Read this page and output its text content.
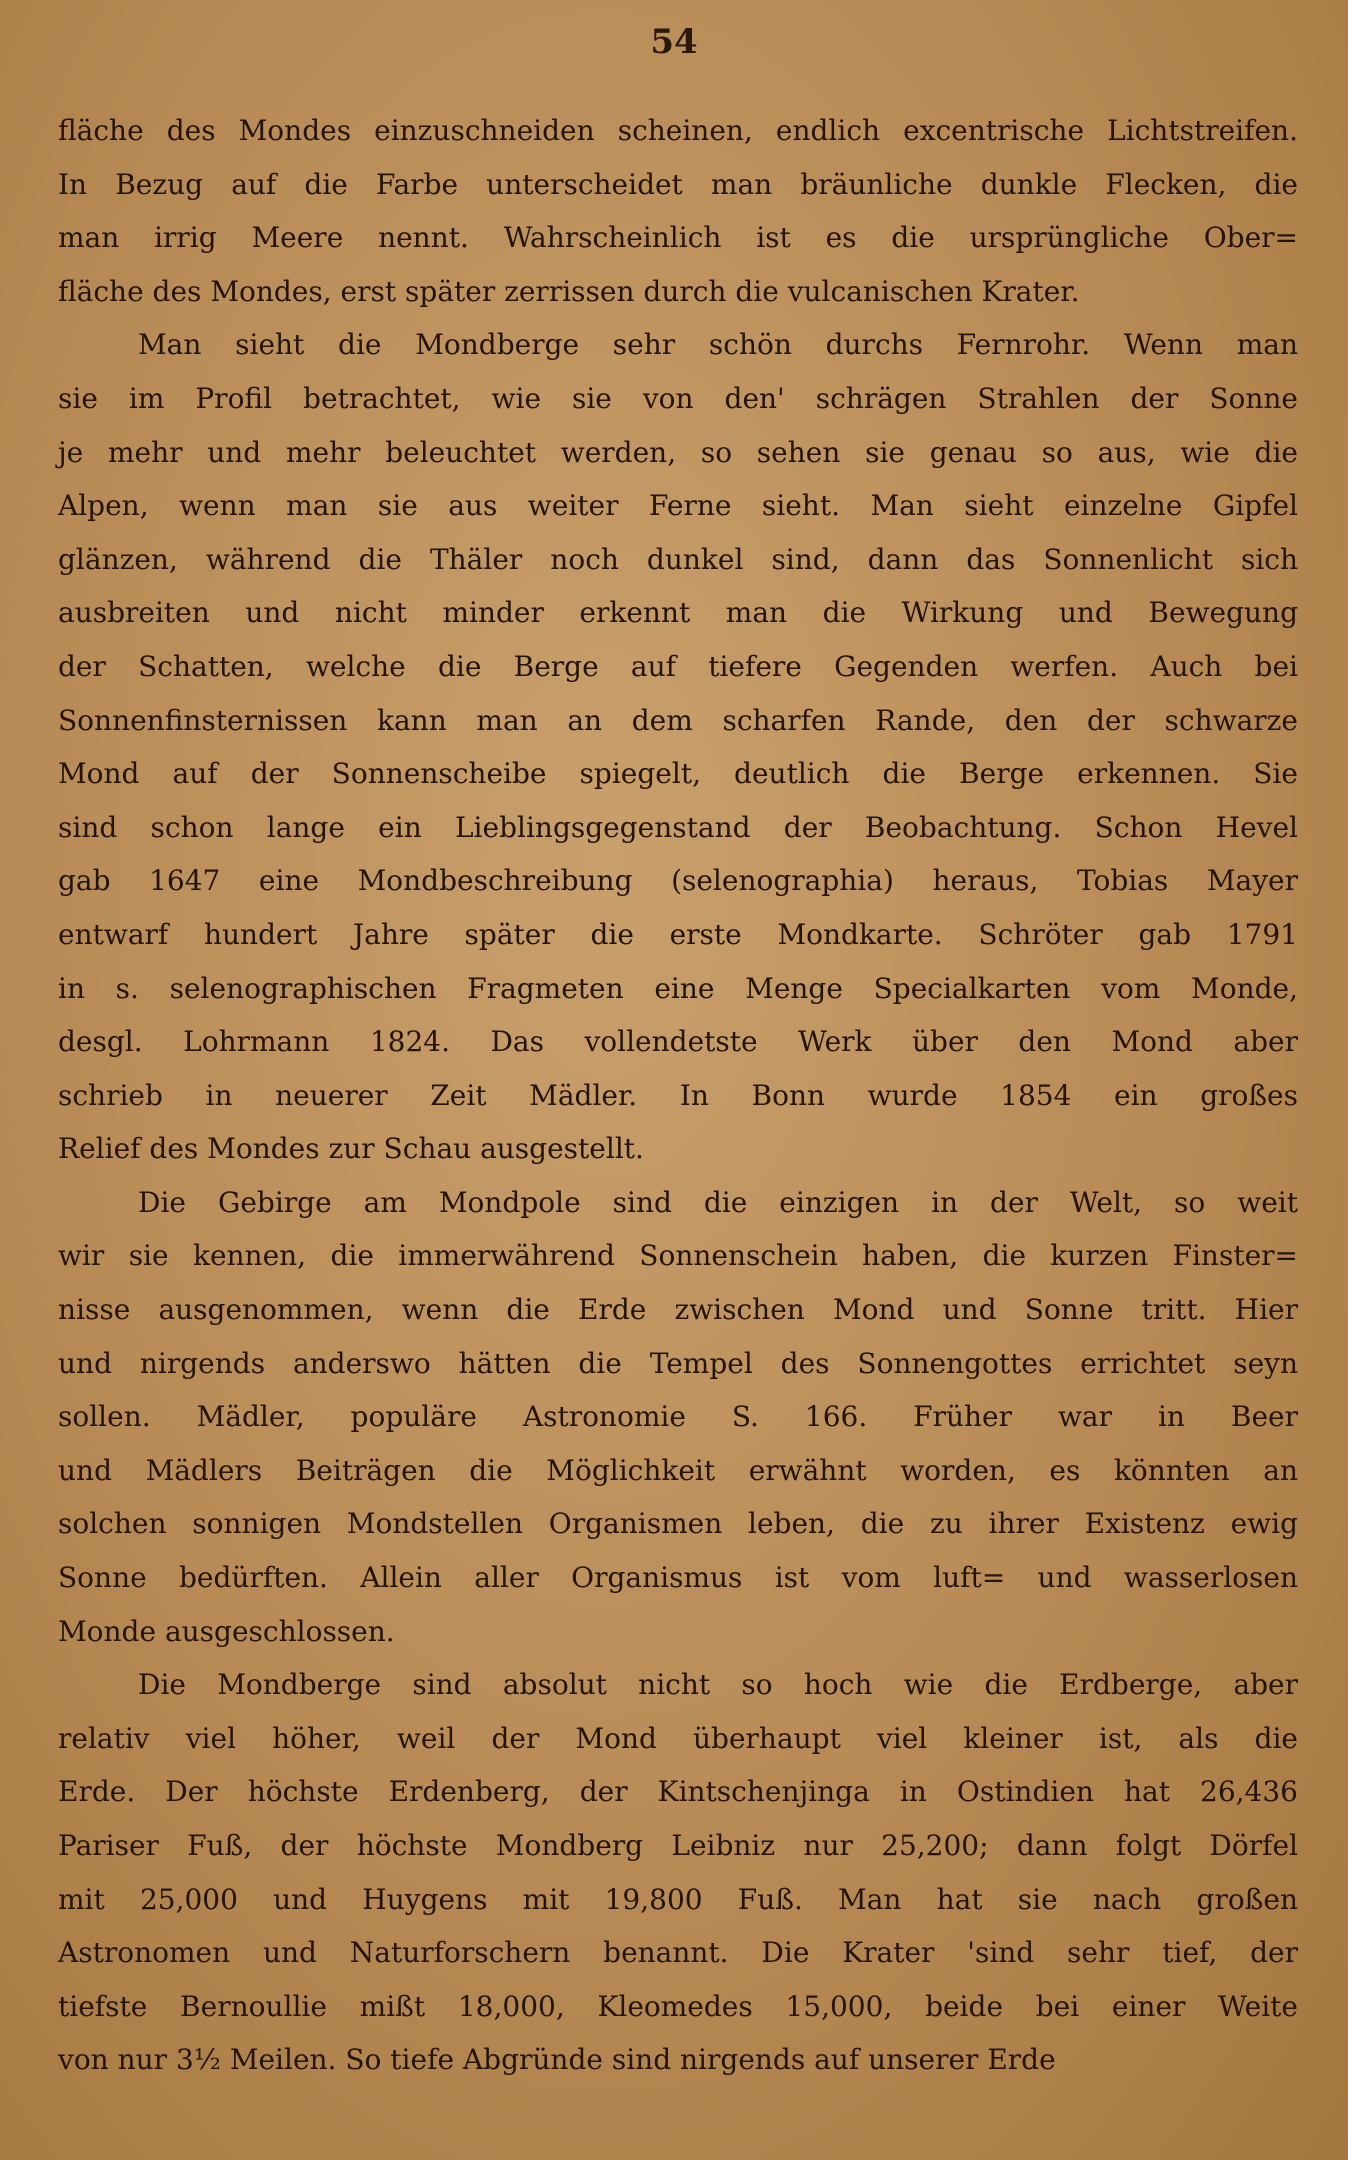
54
fläche des Mondes einzuschneiden scheinen, endlich excentrische Lichtstreifen.
In Bezug auf die Farbe unterscheidet man bräunliche dunkle Flecken, die
man irrig Meere nennt. Wahrscheinlich ist es die ursprüngliche Ober=
fläche des Mondes, erst später zerrissen durch die vulcanischen Krater.
Man sieht die Mondberge sehr schön durchs Fernrohr. Wenn man
sie im Profil betrachtet, wie sie von den' schrägen Strahlen der Sonne
je mehr und mehr beleuchtet werden, so sehen sie genau so aus, wie die
Alpen, wenn man sie aus weiter Ferne sieht. Man sieht einzelne Gipfel
glänzen, während die Thäler noch dunkel sind, dann das Sonnenlicht sich
ausbreiten und nicht minder erkennt man die Wirkung und Bewegung
der Schatten, welche die Berge auf tiefere Gegenden werfen. Auch bei
Sonnenfinsternissen kann man an dem scharfen Rande, den der schwarze
Mond auf der Sonnenscheibe spiegelt, deutlich die Berge erkennen. Sie
sind schon lange ein Lieblingsgegenstand der Beobachtung. Schon Hevel
gab 1647 eine Mondbeschreibung (selenographia) heraus, Tobias Mayer
entwarf hundert Jahre später die erste Mondkarte. Schröter gab 1791
in s. selenographischen Fragmeten eine Menge Specialkarten vom Monde,
desgl. Lohrmann 1824. Das vollendetste Werk über den Mond aber
schrieb in neuerer Zeit Mädler. In Bonn wurde 1854 ein großes
Relief des Mondes zur Schau ausgestellt.
Die Gebirge am Mondpole sind die einzigen in der Welt, so weit
wir sie kennen, die immerwährend Sonnenschein haben, die kurzen Finster=
nisse ausgenommen, wenn die Erde zwischen Mond und Sonne tritt. Hier
und nirgends anderswo hätten die Tempel des Sonnengottes errichtet seyn
sollen. Mädler, populäre Astronomie S. 166. Früher war in Beer
und Mädlers Beiträgen die Möglichkeit erwähnt worden, es könnten an
solchen sonnigen Mondstellen Organismen leben, die zu ihrer Existenz ewig
Sonne bedürften. Allein aller Organismus ist vom luft= und wasserlosen
Monde ausgeschlossen.
Die Mondberge sind absolut nicht so hoch wie die Erdberge, aber
relativ viel höher, weil der Mond überhaupt viel kleiner ist, als die
Erde. Der höchste Erdenberg, der Kintschenjinga in Ostindien hat 26,436
Pariser Fuß, der höchste Mondberg Leibniz nur 25,200; dann folgt Dörfel
mit 25,000 und Huygens mit 19,800 Fuß. Man hat sie nach großen
Astronomen und Naturforschern benannt. Die Krater 'sind sehr tief, der
tiefste Bernoullie mißt 18,000, Kleomedes 15,000, beide bei einer Weite
von nur 3½ Meilen. So tiefe Abgründe sind nirgends auf unserer Erde
